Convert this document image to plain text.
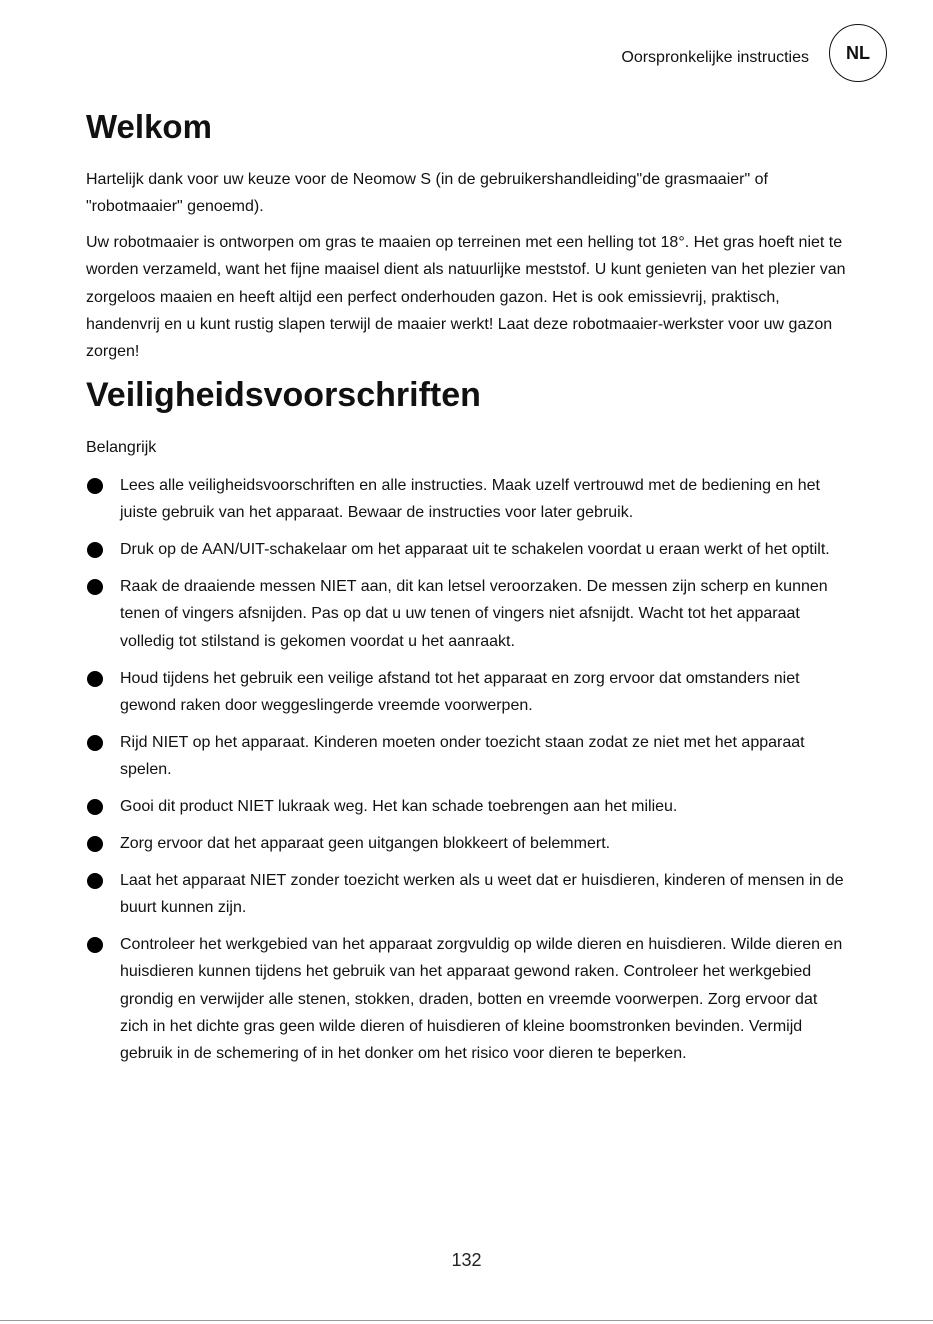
Oorspronkelijke instructies	NL
Welkom

Hartelijk dank voor uw keuze voor de Neomow S (in de gebruikershandleiding"de grasmaaier" of "robotmaaier" genoemd).

Uw robotmaaier is ontworpen om gras te maaien op terreinen met een helling tot 18°. Het gras hoeft niet te worden verzameld, want het fijne maaisel dient als natuurlijke meststof. U kunt genieten van het plezier van zorgeloos maaien en heeft altijd een perfect onderhouden gazon. Het is ook emissievrij, praktisch, handenvrij en u kunt rustig slapen terwijl de maaier werkt! Laat deze robotmaaier-werkster voor uw gazon zorgen!

Veiligheidsvoorschriften

Belangrijk

Lees alle veiligheidsvoorschriften en alle instructies. Maak uzelf vertrouwd met de bediening en het juiste gebruik van het apparaat. Bewaar de instructies voor later gebruik.
Druk op de AAN/UIT-schakelaar om het apparaat uit te schakelen voordat u eraan werkt of het optilt.
Raak de draaiende messen NIET aan, dit kan letsel veroorzaken. De messen zijn scherp en kunnen tenen of vingers afsnijden. Pas op dat u uw tenen of vingers niet afsnijdt. Wacht tot het apparaat volledig tot stilstand is gekomen voordat u het aanraakt.
Houd tijdens het gebruik een veilige afstand tot het apparaat en zorg ervoor dat omstanders niet gewond raken door weggeslingerde vreemde voorwerpen.
Rijd NIET op het apparaat. Kinderen moeten onder toezicht staan zodat ze niet met het apparaat spelen.
Gooi dit product NIET lukraak weg. Het kan schade toebrengen aan het milieu.
Zorg ervoor dat het apparaat geen uitgangen blokkeert of belemmert.
Laat het apparaat NIET zonder toezicht werken als u weet dat er huisdieren, kinderen of mensen in de buurt kunnen zijn.
Controleer het werkgebied van het apparaat zorgvuldig op wilde dieren en huisdieren. Wilde dieren en huisdieren kunnen tijdens het gebruik van het apparaat gewond raken. Controleer het werkgebied grondig en verwijder alle stenen, stokken, draden, botten en vreemde voorwerpen. Zorg ervoor dat zich in het dichte gras geen wilde dieren of huisdieren of kleine boomstronken bevinden. Vermijd gebruik in de schemering of in het donker om het risico voor dieren te beperken.
132
